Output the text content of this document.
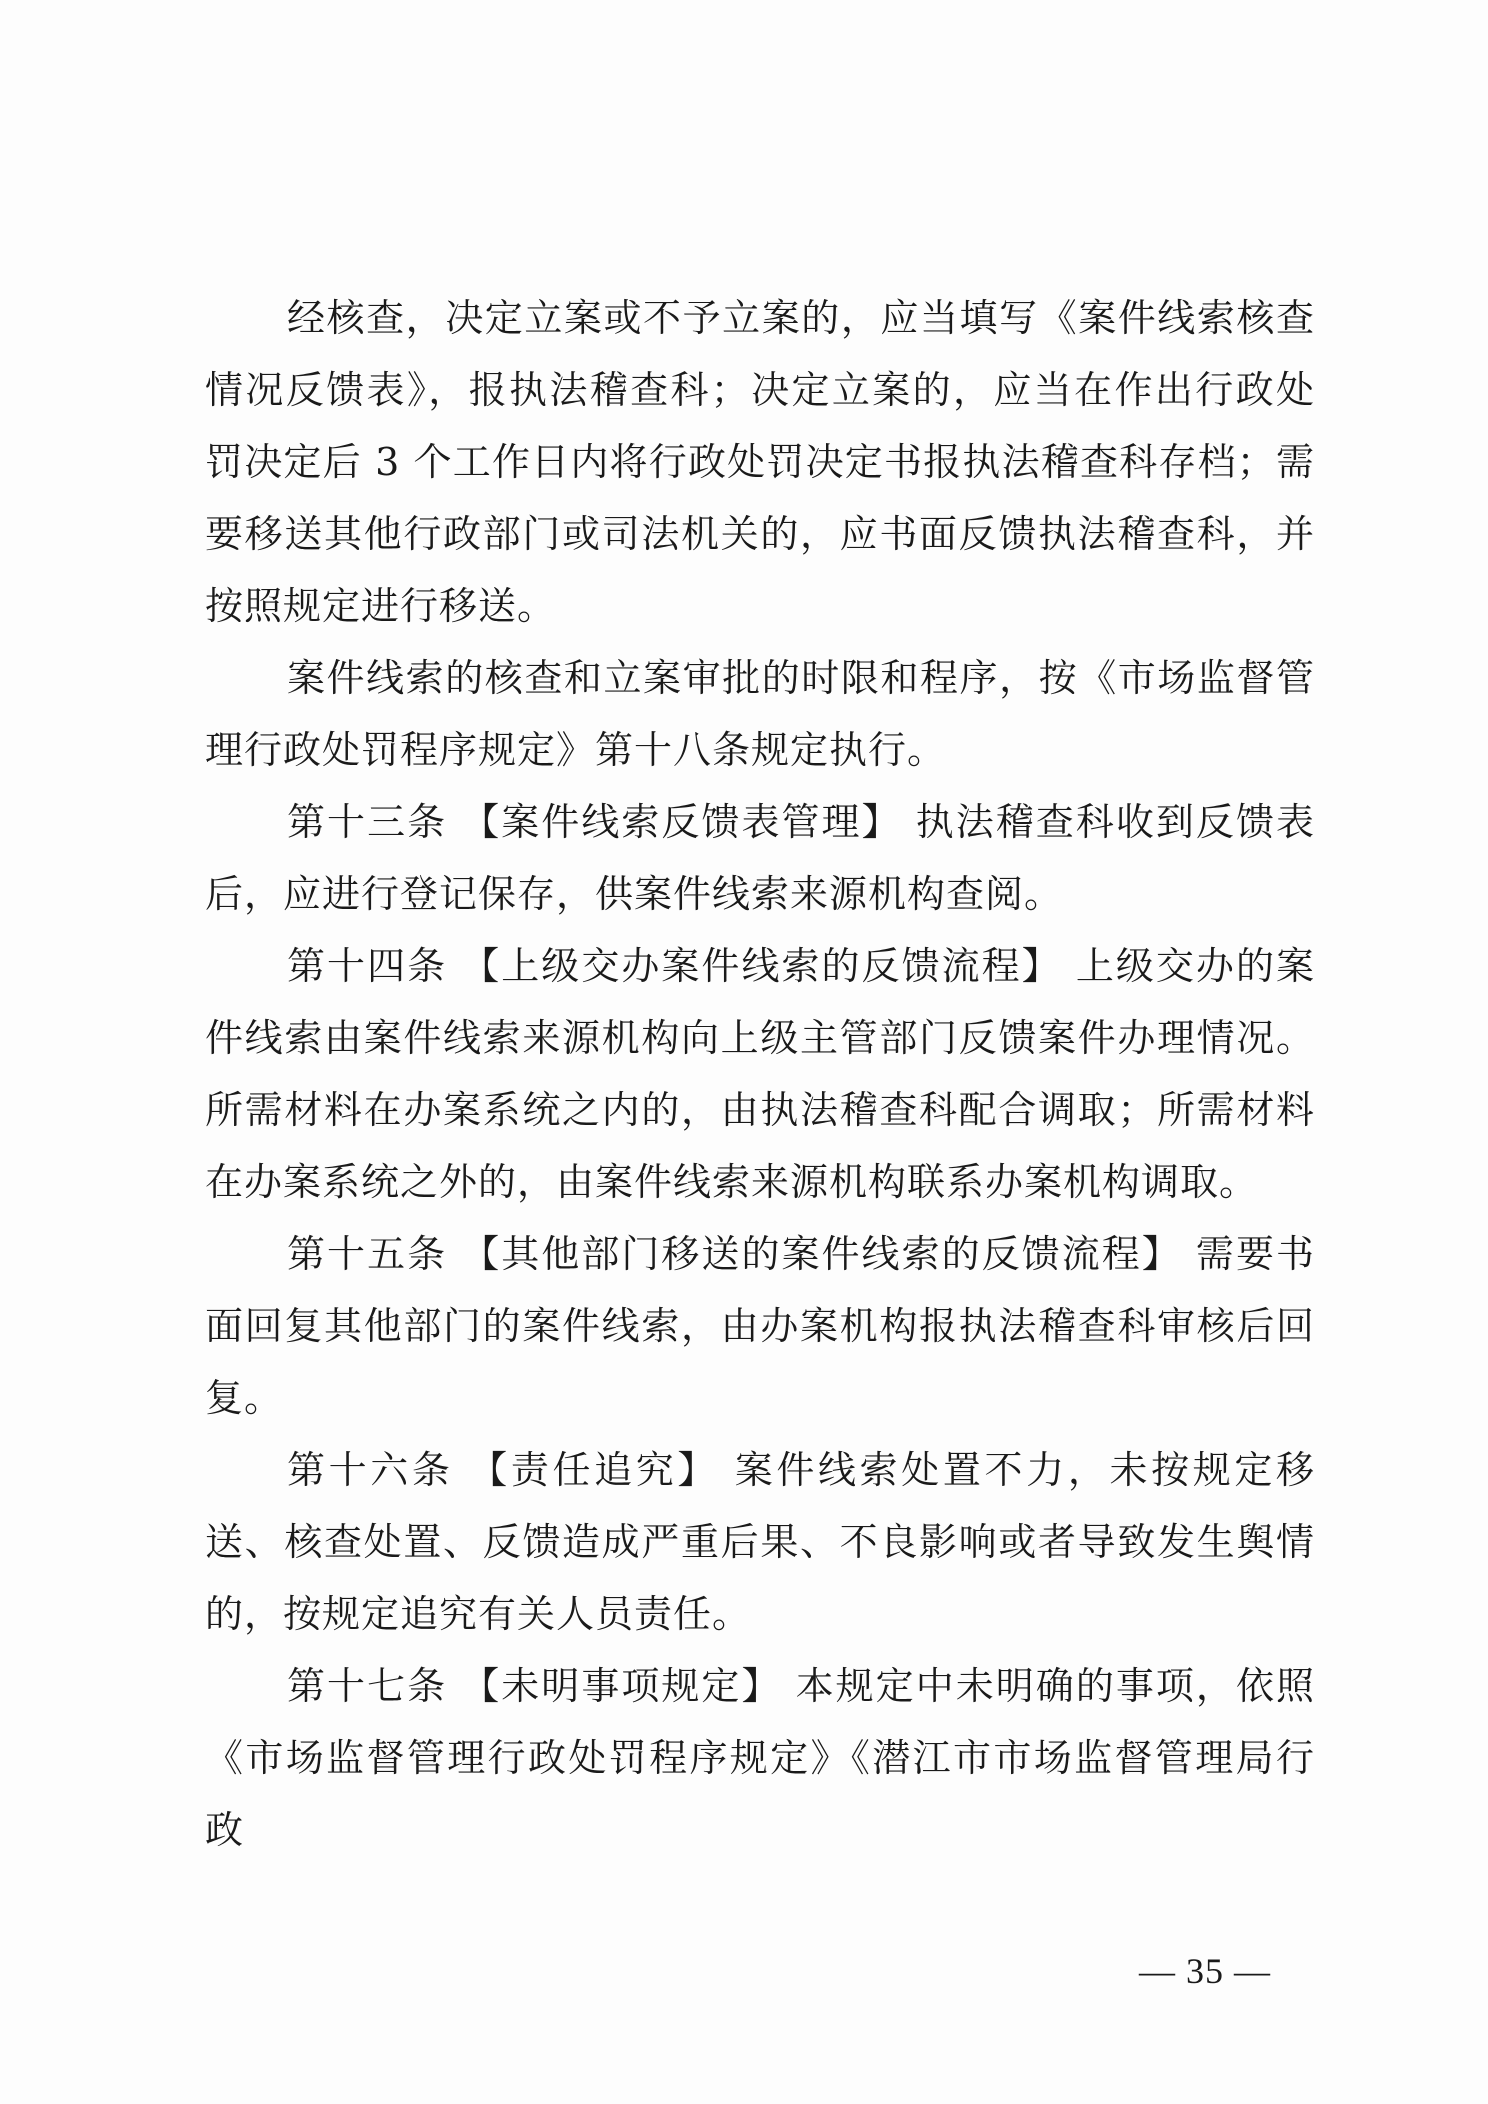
经核查，决定立案或不予立案的，应当填写《案件线索核查情况反馈表》，报执法稽查科；决定立案的，应当在作出行政处罚决定后 3 个工作日内将行政处罚决定书报执法稽查科存档；需要移送其他行政部门或司法机关的，应书面反馈执法稽查科，并按照规定进行移送。

案件线索的核查和立案审批的时限和程序，按《市场监督管理行政处罚程序规定》第十八条规定执行。

第十三条 【案件线索反馈表管理】 执法稽查科收到反馈表后，应进行登记保存，供案件线索来源机构查阅。

第十四条 【上级交办案件线索的反馈流程】 上级交办的案件线索由案件线索来源机构向上级主管部门反馈案件办理情况。所需材料在办案系统之内的，由执法稽查科配合调取；所需材料在办案系统之外的，由案件线索来源机构联系办案机构调取。

第十五条 【其他部门移送的案件线索的反馈流程】 需要书面回复其他部门的案件线索，由办案机构报执法稽查科审核后回复。

第十六条 【责任追究】 案件线索处置不力，未按规定移送、核查处置、反馈造成严重后果、不良影响或者导致发生舆情的，按规定追究有关人员责任。

第十七条 【未明事项规定】 本规定中未明确的事项，依照《市场监督管理行政处罚程序规定》《潜江市市场监督管理局行政

— 35 —
